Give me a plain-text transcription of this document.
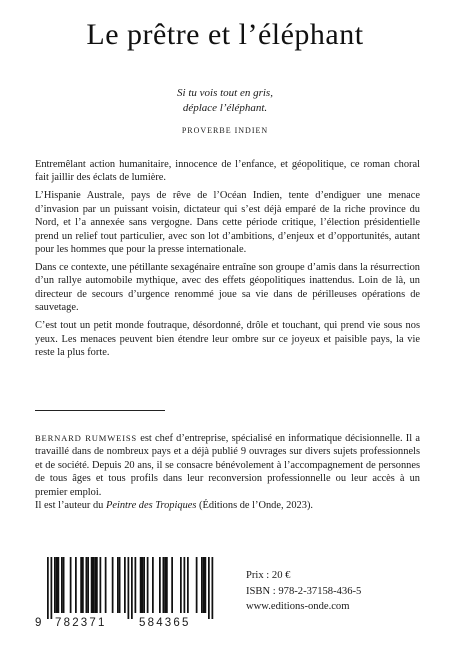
Le prêtre et l’éléphant
Si tu vois tout en gris,
déplace l’éléphant.
PROVERBE INDIEN

Entremêlant action humanitaire, innocence de l’enfance, et géopolitique, ce roman choral fait jaillir des éclats de lumière.

L’Hispanie Australe, pays de rêve de l’Océan Indien, tente d’endiguer une menace d’invasion par un puissant voisin, dictateur qui s’est déjà emparé de la riche province du Nord, et l’a annexée sans vergogne. Dans cette période critique, l’élection présidentielle prend un relief tout particulier, avec son lot d’ambitions, d’enjeux et d’opportunités, autant pour les hommes que pour la presse internationale.

Dans ce contexte, une pétillante sexagénaire entraîne son groupe d’amis dans la résurrection d’un rallye automobile mythique, avec des effets géopolitiques inattendus. Loin de là, un directeur de secours d’urgence renommé joue sa vie dans de périlleuses opérations de sauvetage.

C’est tout un petit monde foutraque, désordonné, drôle et touchant, qui prend vie sous nos yeux. Les menaces peuvent bien étendre leur ombre sur ce joyeux et paisible pays, la vie reste la plus forte.

BERNARD RUMWEISS est chef d’entreprise, spécialisé en informatique décisionnelle. Il a travaillé dans de nombreux pays et a déjà publié 9 ouvrages sur divers sujets professionnels et de société. Depuis 20 ans, il se consacre bénévolement à l’accompagnement de personnes de tous âges et tous profils dans leur reconversion professionnelle ou leur accès à un premier emploi.

Il est l’auteur du Peintre des Tropiques (Éditions de l’Onde, 2023).

9 782371	584365
Prix : 20 €
ISBN : 978-2-37158-436-5
www.editions-onde.com
